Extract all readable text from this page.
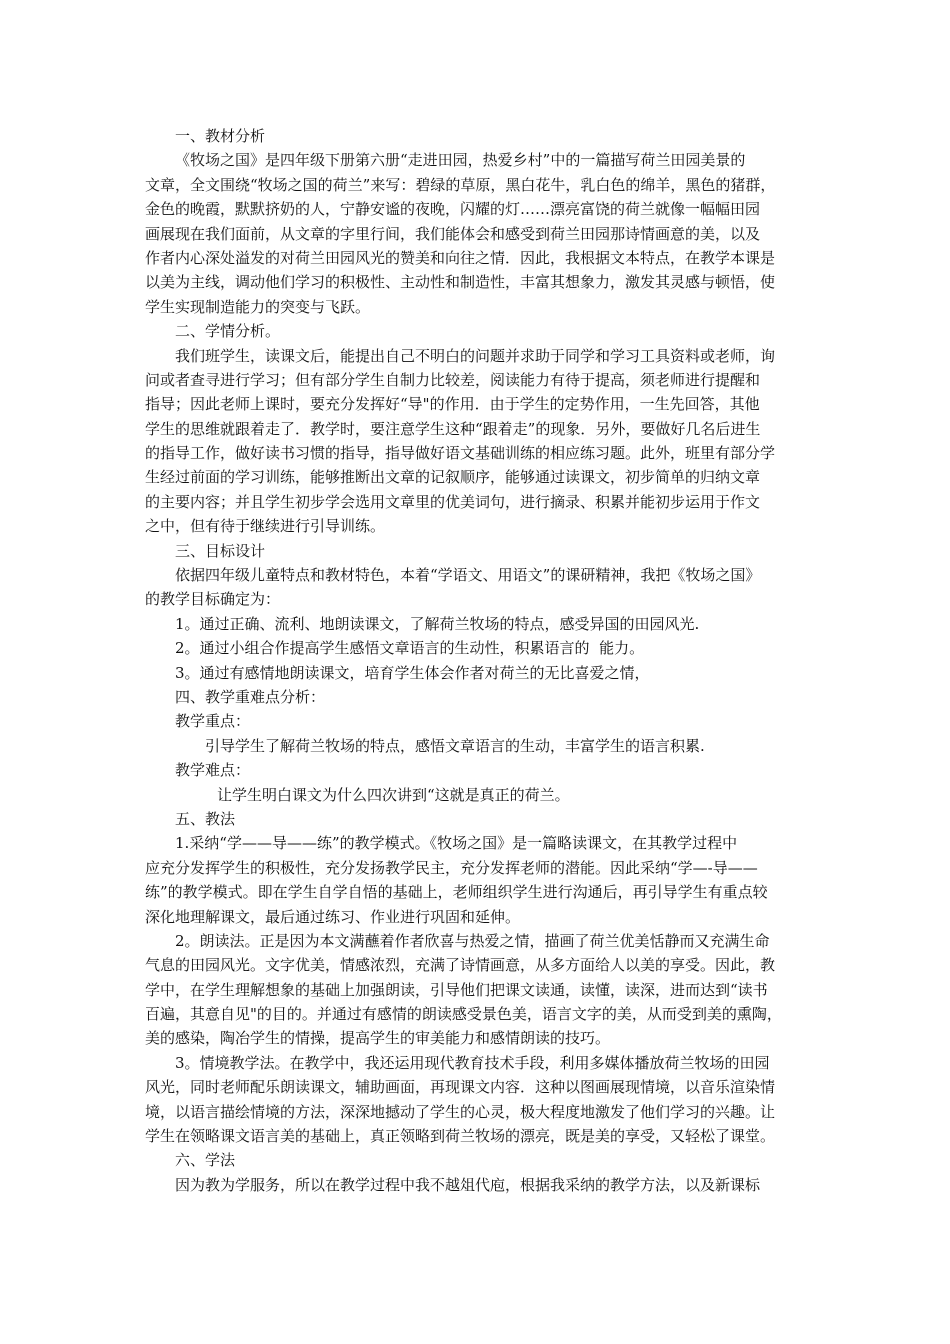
一、教材分析
《牧场之国》是四年级下册第六册“走进田园，热爱乡村”中的一篇描写荷兰田园美景的
文章，全文围绕“牧场之国的荷兰”来写：碧绿的草原，黑白花牛，乳白色的绵羊，黑色的猪群，
金色的晚霞，默默挤奶的人，宁静安谧的夜晚，闪耀的灯……漂亮富饶的荷兰就像一幅幅田园
画展现在我们面前，从文章的字里行间，我们能体会和感受到荷兰田园那诗情画意的美，以及
作者内心深处溢发的对荷兰田园风光的赞美和向往之情．因此，我根据文本特点，在教学本课是
以美为主线，调动他们学习的积极性、主动性和制造性，丰富其想象力，激发其灵感与顿悟，使
学生实现制造能力的突变与飞跃。
二、学情分析。
我们班学生，读课文后，能提出自己不明白的问题并求助于同学和学习工具资料或老师，询
问或者查寻进行学习；但有部分学生自制力比较差，阅读能力有待于提高，须老师进行提醒和
指导；因此老师上课时，要充分发挥好“导"的作用．由于学生的定势作用，一生先回答，其他
学生的思维就跟着走了．教学时，要注意学生这种“跟着走”的现象．另外，要做好几名后进生
的指导工作，做好读书习惯的指导，指导做好语文基础训练的相应练习题。此外，班里有部分学
生经过前面的学习训练，能够推断出文章的记叙顺序，能够通过读课文，初步简单的归纳文章
的主要内容；并且学生初步学会选用文章里的优美词句，进行摘录、积累并能初步运用于作文
之中，但有待于继续进行引导训练。
三、目标设计
依据四年级儿童特点和教材特色，本着“学语文、用语文”的课研精神，我把《牧场之国》
的教学目标确定为：
1。通过正确、流利、地朗读课文，了解荷兰牧场的特点，感受异国的田园风光.
2。通过小组合作提高学生感悟文章语言的生动性，积累语言的  能力。
3。通过有感情地朗读课文，培育学生体会作者对荷兰的无比喜爱之情，
四、教学重难点分析：
教学重点：
引导学生了解荷兰牧场的特点，感悟文章语言的生动，丰富学生的语言积累.
教学难点：
让学生明白课文为什么四次讲到“这就是真正的荷兰。
五、教法
1.采纳“学——导——练”的教学模式。《牧场之国》是一篇略读课文，在其教学过程中
应充分发挥学生的积极性，充分发扬教学民主，充分发挥老师的潜能。因此采纳“学—-导——
练”的教学模式。即在学生自学自悟的基础上，老师组织学生进行沟通后，再引导学生有重点较
深化地理解课文，最后通过练习、作业进行巩固和延伸。
2。朗读法。正是因为本文满蘸着作者欣喜与热爱之情，描画了荷兰优美恬静而又充满生命
气息的田园风光。文字优美，情感浓烈，充满了诗情画意，从多方面给人以美的享受。因此，教
学中，在学生理解想象的基础上加强朗读，引导他们把课文读通，读懂，读深，进而达到“读书
百遍，其意自见"的目的。并通过有感情的朗读感受景色美，语言文字的美，从而受到美的熏陶，
美的感染，陶冶学生的情操，提高学生的审美能力和感情朗读的技巧。
3。情境教学法。在教学中，我还运用现代教育技术手段，利用多媒体播放荷兰牧场的田园
风光，同时老师配乐朗读课文，辅助画面，再现课文内容．这种以图画展现情境，以音乐渲染情
境，以语言描绘情境的方法，深深地撼动了学生的心灵，极大程度地激发了他们学习的兴趣。让
学生在领略课文语言美的基础上，真正领略到荷兰牧场的漂亮，既是美的享受，又轻松了课堂。
六、学法
因为教为学服务，所以在教学过程中我不越俎代庖，根据我采纳的教学方法，以及新课标
